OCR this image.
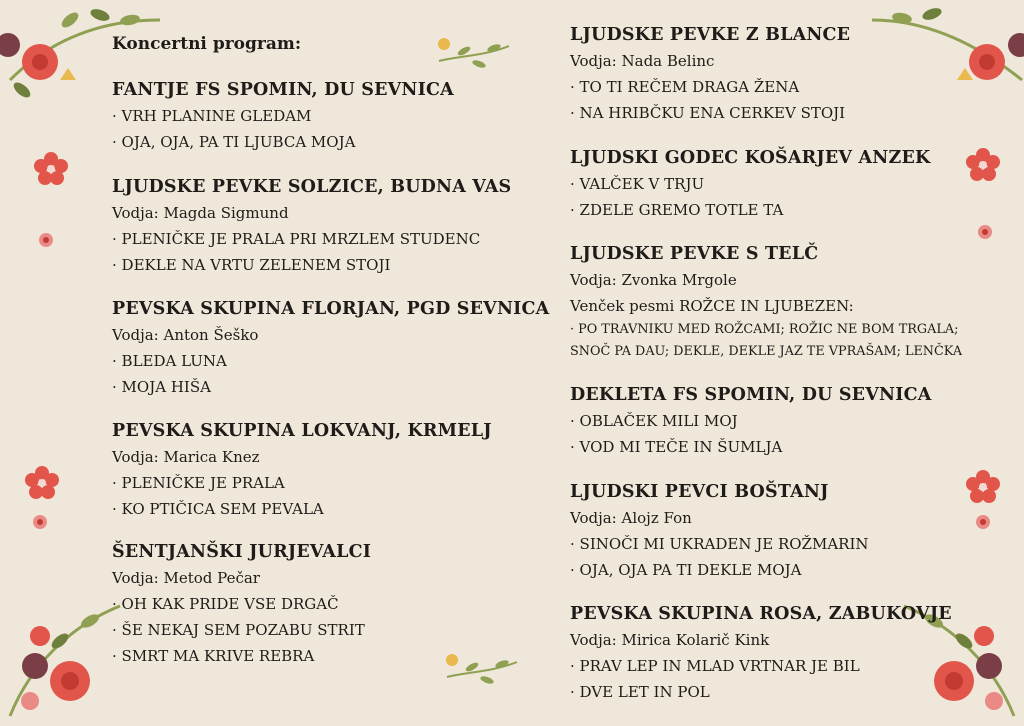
Koncertni program:
FANTJE FS SPOMIN, DU SEVNICA
· VRH PLANINE GLEDAM
· OJA, OJA, PA TI LJUBCA MOJA
LJUDSKE PEVKE SOLZICE, BUDNA VAS
Vodja: Magda Sigmund
· PLENIČKE JE PRALA PRI MRZLEM STUDENC
· DEKLE NA VRTU ZELENEM STOJI
PEVSKA SKUPINA FLORJAN, PGD SEVNICA
Vodja: Anton Šeško
· BLEDA LUNA
· MOJA HIŠA
PEVSKA SKUPINA LOKVANJ, KRMELJ
Vodja: Marica Knez
· PLENIČKE JE PRALA
· KO PTIČICA SEM PEVALA
ŠENTJANŠKI JURJEVALCI
Vodja: Metod Pečar
· OH KAK PRIDE VSE DRGAČ
· ŠE NEKAJ SEM POZABU STRIT
· SMRT MA KRIVE REBRA
LJUDSKE PEVKE Z BLANCE
Vodja: Nada Belinc
· TO TI REČEM DRAGA ŽENA
· NA HRIBČKU ENA CERKEV STOJI
LJUDSKI GODEC KOŠARJEV ANZEK
· VALČEK V TRJU
· ZDELE GREMO TOTLE TA
LJUDSKE PEVKE S TELČ
Vodja: Zvonka Mrgole
Venček pesmi ROŽCE IN LJUBEZEN:
· PO TRAVNIKU MED ROŽCAMI; ROŽIC NE BOM TRGALA;
SNOČ PA DAU; DEKLE, DEKLE JAZ TE VPRAŠAM; LENČKA
DEKLETA FS SPOMIN, DU SEVNICA
· OBLAČEK MILI MOJ
· VOD MI TEČE IN ŠUMLJA
LJUDSKI PEVCI BOŠTANJ
Vodja: Alojz Fon
· SINOČI MI UKRADEN JE ROŽMARIN
· OJA, OJA PA TI DEKLE MOJA
PEVSKA SKUPINA ROSA, ZABUKOVJE
Vodja: Mirica Kolarič Kink
· PRAV LEP IN MLAD VRTNAR JE BIL
· DVE LET IN POL
